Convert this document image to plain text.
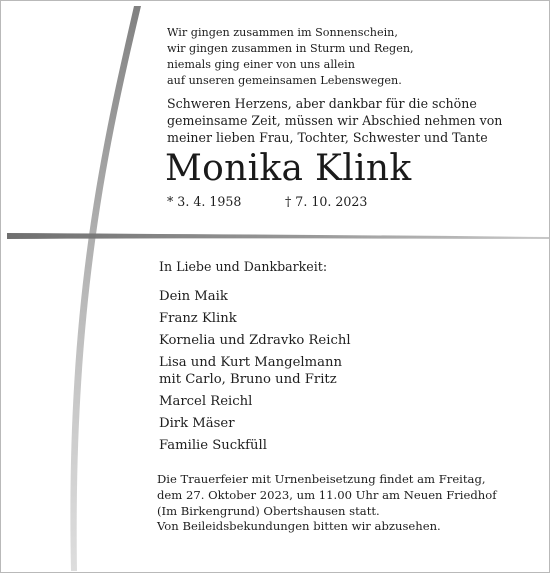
Wir gingen zusammen im Sonnenschein,
wir gingen zusammen in Sturm und Regen,
niemals ging einer von uns allein
auf unseren gemeinsamen Lebenswegen.
Schweren Herzens, aber dankbar für die schöne
gemeinsame Zeit, müssen wir Abschied nehmen von
meiner lieben Frau, Tochter, Schwester und Tante
Monika Klink
* 3. 4. 1958	† 7. 10. 2023
In Liebe und Dankbarkeit:
Dein Maik
Franz Klink
Kornelia und Zdravko Reichl
Lisa und Kurt Mangelmann
mit Carlo, Bruno und Fritz
Marcel Reichl
Dirk Mäser
Familie Suckfüll
Die Trauerfeier mit Urnenbeisetzung findet am Freitag,
dem 27. Oktober 2023, um 11.00 Uhr am Neuen Friedhof
(Im Birkengrund) Obertshausen statt.
Von Beileidsbekundungen bitten wir abzusehen.
